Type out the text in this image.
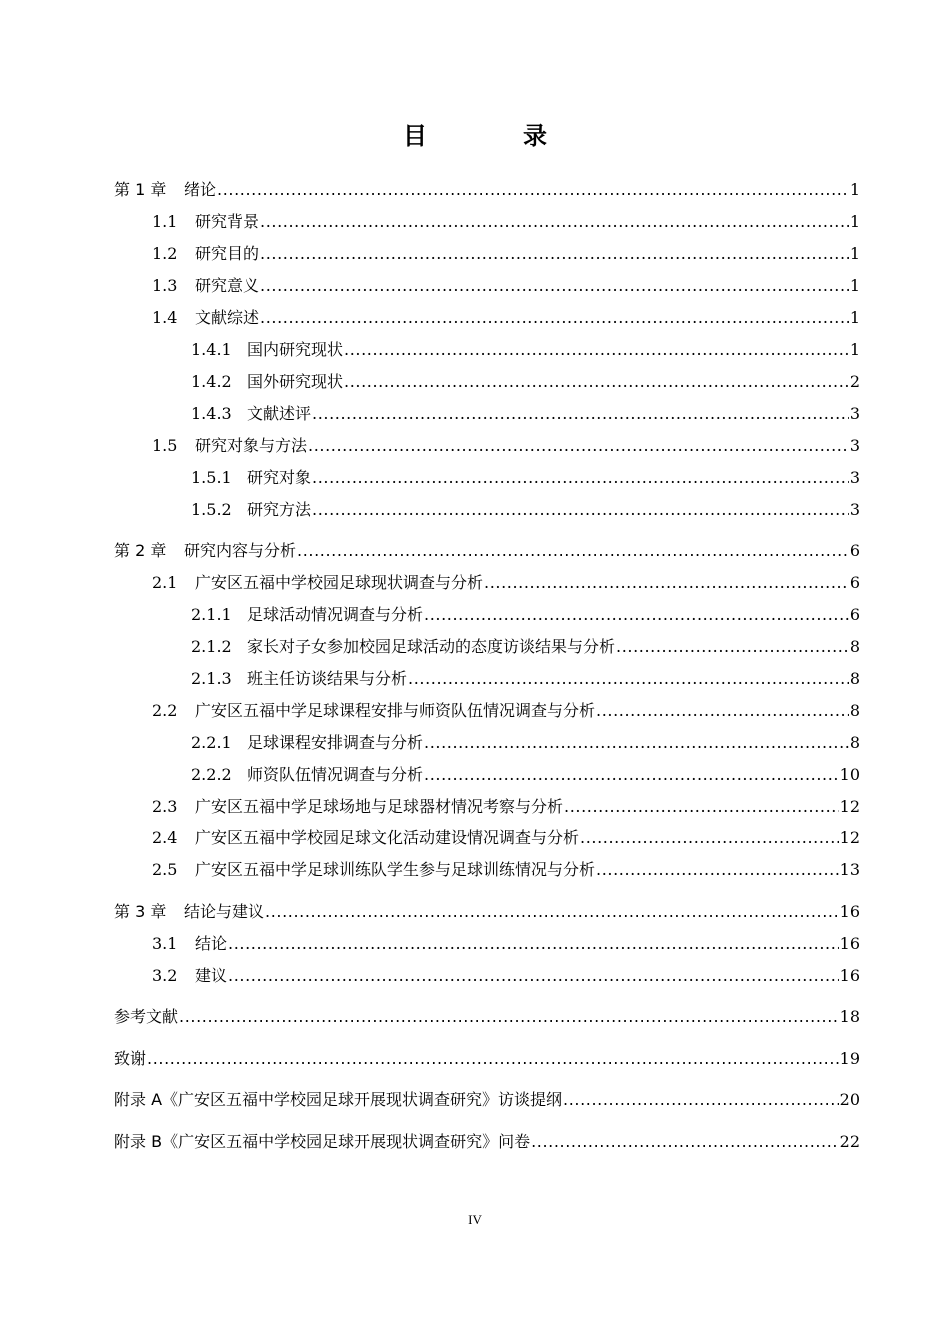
目　录
第 1 章	绪论 .....	1
1.1	研究背景 .....	1
1.2	研究目的 .....	1
1.3	研究意义 .....	1
1.4	文献综述 .....	1
1.4.1 国内研究现状 .....	1
1.4.2 国外研究现状 .....	2
1.4.3 文献述评 .....	3
1.5	研究对象与方法 .....	3
1.5.1 研究对象 .....	3
1.5.2 研究方法 .....	3
第 2 章	研究内容与分析 .....	6
2.1	广安区五福中学校园足球现状调查与分析 .....	6
2.1.1 足球活动情况调查与分析 .....	6
2.1.2 家长对子女参加校园足球活动的态度访谈结果与分析 .....	8
2.1.3 班主任访谈结果与分析 .....	8
2.2	广安区五福中学足球课程安排与师资队伍情况调查与分析 .....	8
2.2.1 足球课程安排调查与分析 .....	8
2.2.2 师资队伍情况调查与分析 .....	10
2.3	广安区五福中学足球场地与足球器材情况考察与分析 .....	12
2.4	广安区五福中学校园足球文化活动建设情况调查与分析 .....	12
2.5	广安区五福中学足球训练队学生参与足球训练情况与分析 .....	13
第 3 章	结论与建议 .....	16
3.1	结论 .....	16
3.2	建议 .....	16
参考文献 .....	18
致谢 .....	19
附录 A《广安区五福中学校园足球开展现状调查研究》访谈提纲 .....	20
附录 B《广安区五福中学校园足球开展现状调查研究》问卷 .....	22
IV
